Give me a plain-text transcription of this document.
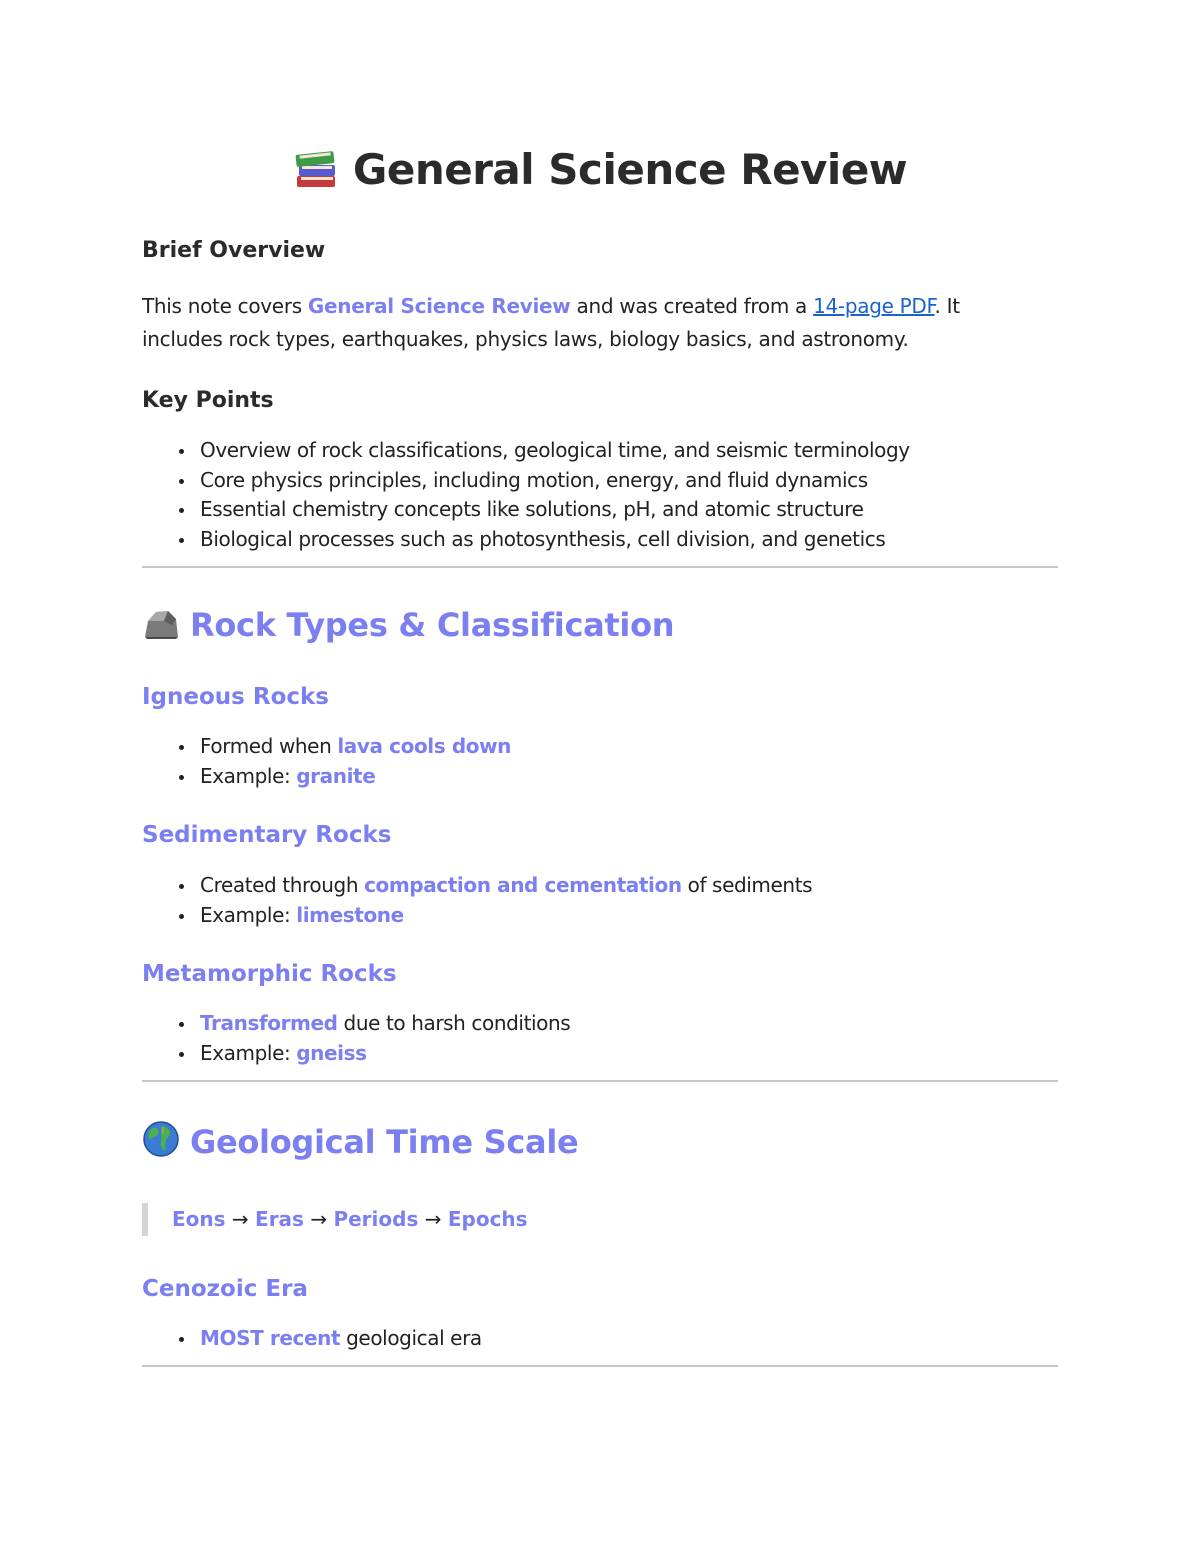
General Science Review
Brief Overview

This note covers General Science Review and was created from a 14-page PDF. It
includes rock types, earthquakes, physics laws, biology basics, and astronomy.

Key Points
Overview of rock classifications, geological time, and seismic terminology
Core physics principles, including motion, energy, and fluid dynamics
Essential chemistry concepts like solutions, pH, and atomic structure
Biological processes such as photosynthesis, cell division, and genetics
Rock Types & Classification
Igneous Rocks
Formed when lava cools down
Example: granite
Sedimentary Rocks
Created through compaction and cementation of sediments
Example: limestone
Metamorphic Rocks
Transformed due to harsh conditions
Example: gneiss
Geological Time Scale
Eons → Eras → Periods → Epochs
Cenozoic Era
MOST recent geological era
